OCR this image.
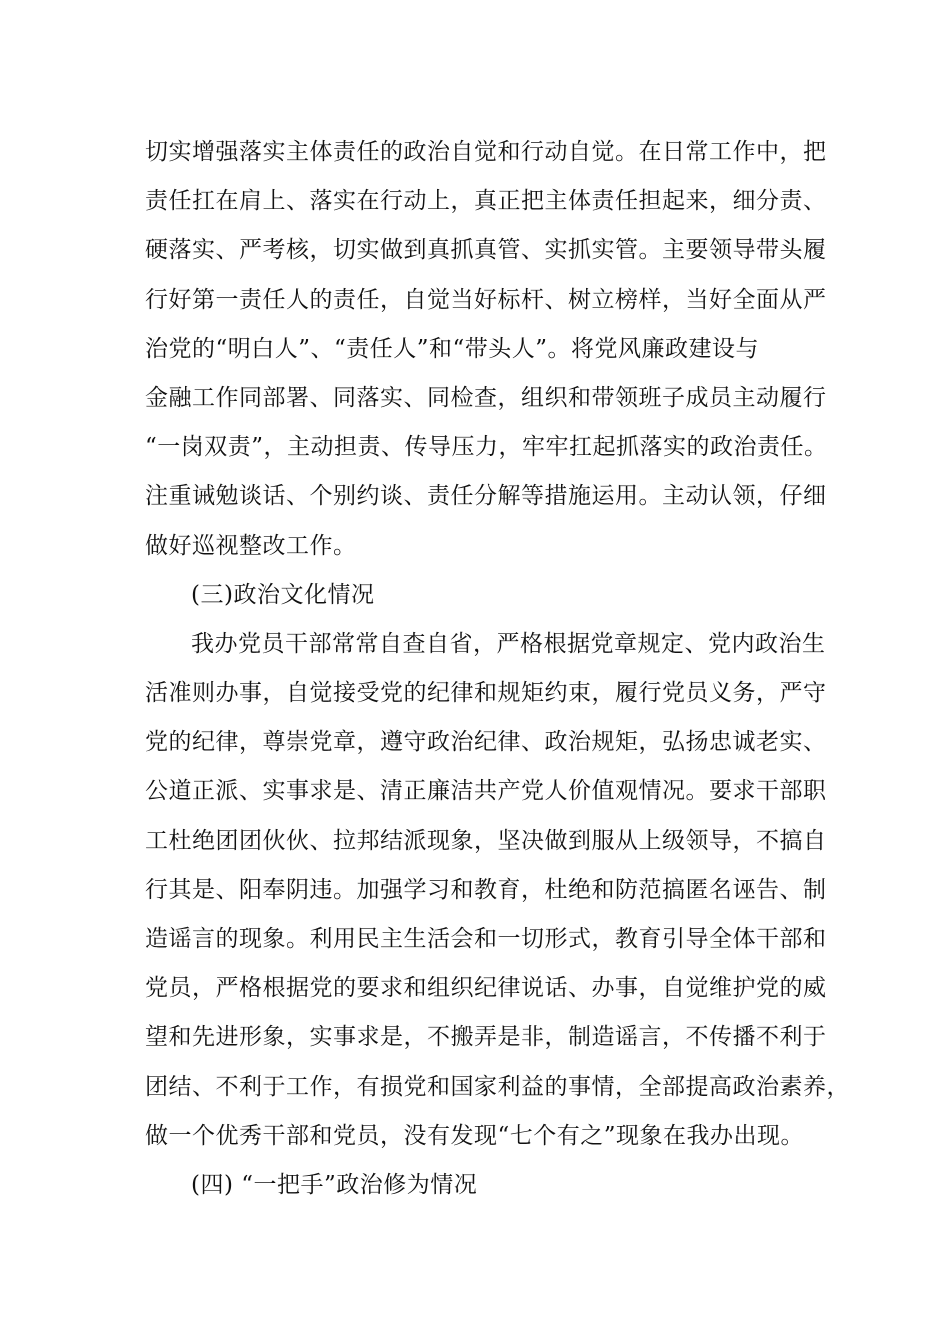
切实增强落实主体责任的政治自觉和行动自觉。在日常工作中，把
责任扛在肩上、落实在行动上，真正把主体责任担起来，细分责、
硬落实、严考核，切实做到真抓真管、实抓实管。主要领导带头履
行好第一责任人的责任，自觉当好标杆、树立榜样，当好全面从严
治党的“明白人”、“责任人”和“带头人”。将党风廉政建设与
金融工作同部署、同落实、同检查，组织和带领班子成员主动履行
“一岗双责”，主动担责、传导压力，牢牢扛起抓落实的政治责任。
注重诫勉谈话、个别约谈、责任分解等措施运用。主动认领，仔细
做好巡视整改工作。
(三)政治文化情况
我办党员干部常常自查自省，严格根据党章规定、党内政治生
活准则办事，自觉接受党的纪律和规矩约束，履行党员义务，严守
党的纪律，尊崇党章，遵守政治纪律、政治规矩，弘扬忠诚老实、
公道正派、实事求是、清正廉洁共产党人价值观情况。要求干部职
工杜绝团团伙伙、拉邦结派现象，坚决做到服从上级领导，不搞自
行其是、阳奉阴违。加强学习和教育，杜绝和防范搞匿名诬告、制
造谣言的现象。利用民主生活会和一切形式，教育引导全体干部和
党员，严格根据党的要求和组织纪律说话、办事，自觉维护党的威
望和先进形象，实事求是，不搬弄是非，制造谣言，不传播不利于
团结、不利于工作，有损党和国家利益的事情，全部提高政治素养，
做一个优秀干部和党员，没有发现“七个有之”现象在我办出现。
(四) “一把手”政治修为情况
